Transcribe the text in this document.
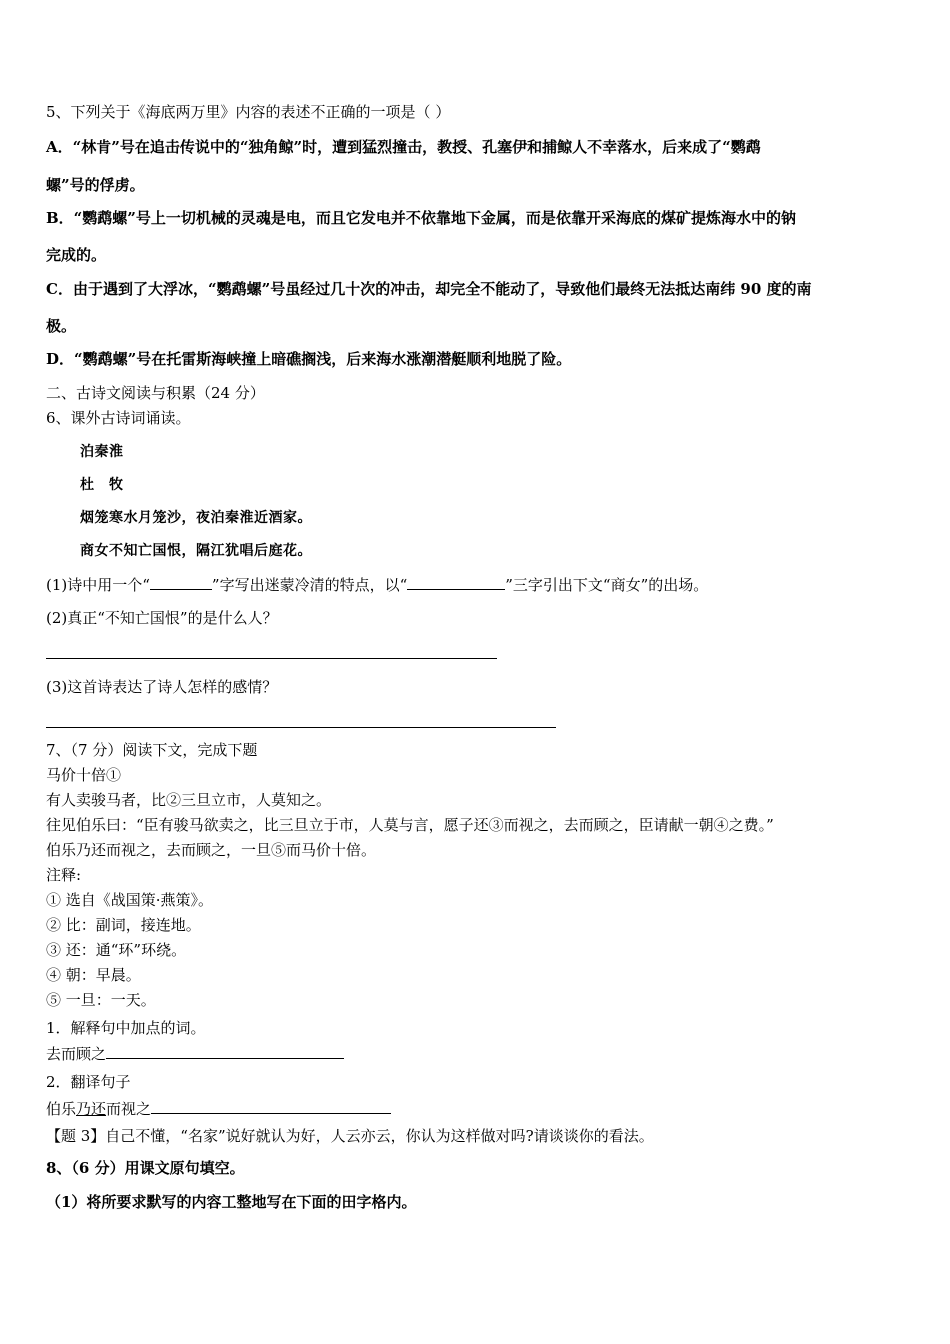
5、下列关于《海底两万里》内容的表述不正确的一项是（ ）
A．“林肯”号在追击传说中的“独角鲸”时，遭到猛烈撞击，教授、孔塞伊和捕鲸人不幸落水，后来成了“鹦鹉
螺”号的俘虏。
B．“鹦鹉螺”号上一切机械的灵魂是电，而且它发电并不依靠地下金属，而是依靠开采海底的煤矿提炼海水中的钠
完成的。
C．由于遇到了大浮冰，“鹦鹉螺”号虽经过几十次的冲击，却完全不能动了，导致他们最终无法抵达南纬 90 度的南
极。
D．“鹦鹉螺”号在托雷斯海峡撞上暗礁搁浅，后来海水涨潮潜艇顺利地脱了险。
二、古诗文阅读与积累（24 分）
6、课外古诗词诵读。
泊秦淮
杜　牧
烟笼寒水月笼沙，夜泊秦淮近酒家。
商女不知亡国恨，隔江犹唱后庭花。
(1)诗中用一个“	”字写出迷蒙冷清的特点，以“	”三字引出下文“商女”的出场。
(2)真正“不知亡国恨”的是什么人？
(3)这首诗表达了诗人怎样的感情？
7、（7 分）阅读下文，完成下题
马价十倍①
有人卖骏马者，比②三旦立市，人莫知之。
往见伯乐曰：“臣有骏马欲卖之，比三旦立于市，人莫与言，愿子还③而视之，去而顾之，臣请献一朝④之费。”
伯乐乃还而视之，去而顾之，一旦⑤而马价十倍。
注释:
① 选自《战国策·燕策》。
② 比：副词，接连地。
③ 还：通“环”环绕。
④ 朝：早晨。
⑤ 一旦：一天。
1．解释句中加点的词。
去而顾之
2．翻译句子
伯乐乃还而视之
【题 3】自己不懂，“名家”说好就认为好，人云亦云，你认为这样做对吗?请谈谈你的看法。
8、（6 分）用课文原句填空。
（1）将所要求默写的内容工整地写在下面的田字格内。
